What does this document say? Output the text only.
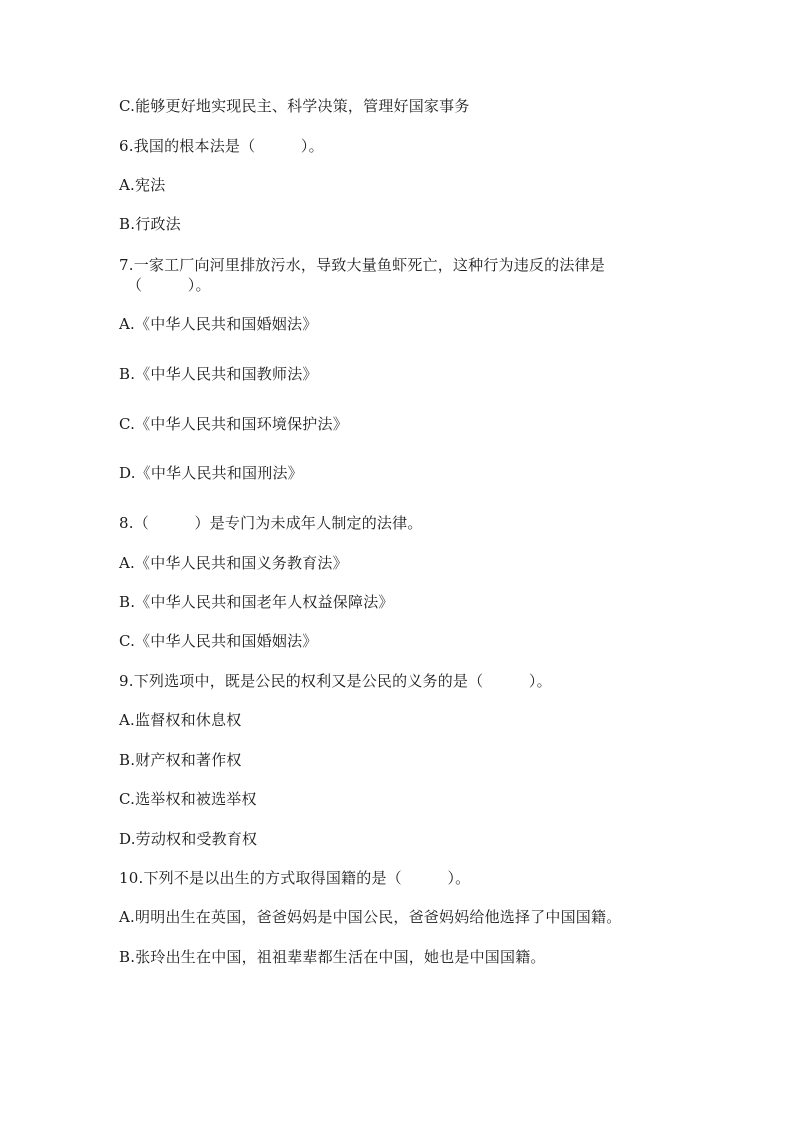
C.能够更好地实现民主、科学决策，管理好国家事务
6.我国的根本法是（　　　）。
A.宪法
B.行政法
7.一家工厂向河里排放污水，导致大量鱼虾死亡，这种行为违反的法律是
（　　　）。
A.《中华人民共和国婚姻法》
B.《中华人民共和国教师法》
C.《中华人民共和国环境保护法》
D.《中华人民共和国刑法》
8.（　　　）是专门为未成年人制定的法律。
A.《中华人民共和国义务教育法》
B.《中华人民共和国老年人权益保障法》
C.《中华人民共和国婚姻法》
9.下列选项中，既是公民的权利又是公民的义务的是（　　　）。
A.监督权和休息权
B.财产权和著作权
C.选举权和被选举权
D.劳动权和受教育权
10.下列不是以出生的方式取得国籍的是（　　　）。
A.明明出生在英国，爸爸妈妈是中国公民，爸爸妈妈给他选择了中国国籍。
B.张玲出生在中国，祖祖辈辈都生活在中国，她也是中国国籍。
